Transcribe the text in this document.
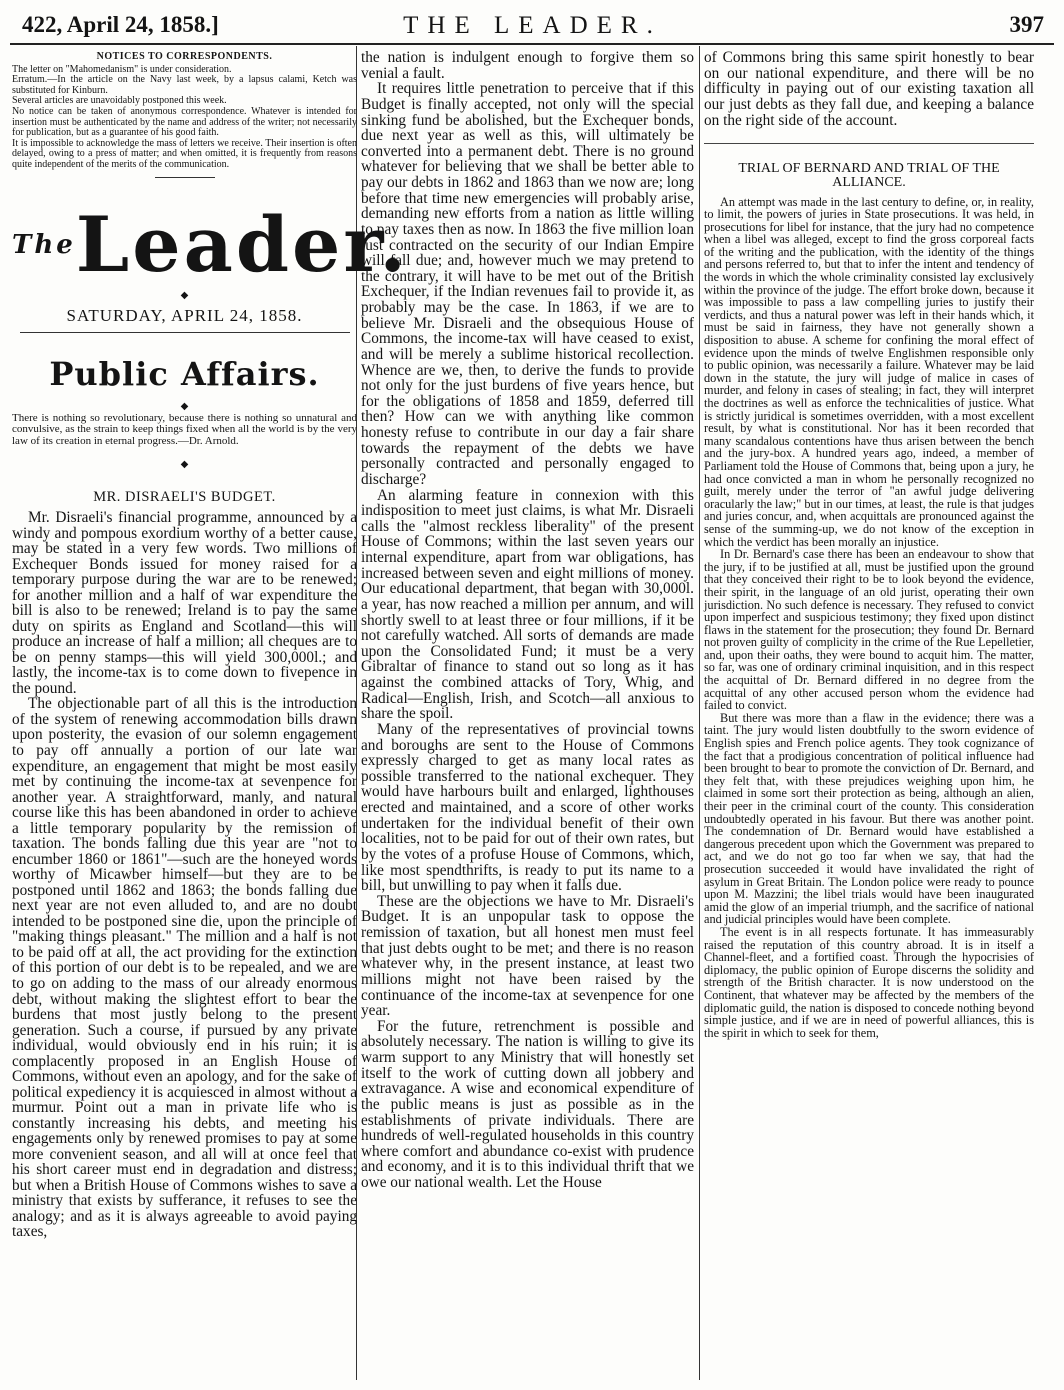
422, April 24, 1858.]	THE LEADER.	397

NOTICES TO CORRESPONDENTS.

The letter on "Mahomedanism" is under consideration.

Erratum.—In the article on the Navy last week, by a lapsus calami, Ketch was substituted for Kinburn.

Several articles are unavoidably postponed this week.

No notice can be taken of anonymous correspondence. Whatever is intended for insertion must be authenticated by the name and address of the writer; not necessarily for publication, but as a guarantee of his good faith.

It is impossible to acknowledge the mass of letters we receive. Their insertion is often delayed, owing to a press of matter; and when omitted, it is frequently from reasons quite independent of the merits of the communication.

$^{The}$Leader.
◆
SATURDAY, APRIL 24, 1858.
Public Affairs.
◆

There is nothing so revolutionary, because there is nothing so unnatural and convulsive, as the strain to keep things fixed when all the world is by the very law of its creation in eternal progress.—Dr. Arnold.

◆

MR. DISRAELI'S BUDGET.

Mr. Disraeli's financial programme, announced by a windy and pompous exordium worthy of a better cause, may be stated in a very few words. Two millions of Exchequer Bonds issued for money raised for a temporary purpose during the war are to be renewed; for another million and a half of war expenditure the bill is also to be renewed; Ireland is to pay the same duty on spirits as England and Scotland—this will produce an increase of half a million; all cheques are to be on penny stamps—this will yield 300,000l.; and lastly, the income-tax is to come down to fivepence in the pound.

The objectionable part of all this is the introduction of the system of renewing accommodation bills drawn upon posterity, the evasion of our solemn engagement to pay off annually a portion of our late war expenditure, an engagement that might be most easily met by continuing the income-tax at sevenpence for another year. A straightforward, manly, and natural course like this has been abandoned in order to achieve a little temporary popularity by the remission of taxation. The bonds falling due this year are "not to encumber 1860 or 1861"—such are the honeyed words worthy of Micawber himself—but they are to be postponed until 1862 and 1863; the bonds falling due next year are not even alluded to, and are no doubt intended to be postponed sine die, upon the principle of "making things pleasant." The million and a half is not to be paid off at all, the act providing for the extinction of this portion of our debt is to be repealed, and we are to go on adding to the mass of our already enormous debt, without making the slightest effort to bear the burdens that most justly belong to the present generation. Such a course, if pursued by any private individual, would obviously end in his ruin; it is complacently proposed in an English House of Commons, without even an apology, and for the sake of political expediency it is acquiesced in almost without a murmur. Point out a man in private life who is constantly increasing his debts, and meeting his engagements only by renewed promises to pay at some more convenient season, and all will at once feel that his short career must end in degradation and distress; but when a British House of Commons wishes to save a ministry that exists by sufferance, it refuses to see the analogy; and as it is always agreeable to avoid paying taxes,

the nation is indulgent enough to forgive them so venial a fault.

It requires little penetration to perceive that if this Budget is finally accepted, not only will the special sinking fund be abolished, but the Exchequer bonds, due next year as well as this, will ultimately be converted into a permanent debt. There is no ground whatever for believing that we shall be better able to pay our debts in 1862 and 1863 than we now are; long before that time new emergencies will probably arise, demanding new efforts from a nation as little willing to pay taxes then as now. In 1863 the five million loan just contracted on the security of our Indian Empire will fall due; and, however much we may pretend to the contrary, it will have to be met out of the British Exchequer, if the Indian revenues fail to provide it, as probably may be the case. In 1863, if we are to believe Mr. Disraeli and the obsequious House of Commons, the income-tax will have ceased to exist, and will be merely a sublime historical recollection. Whence are we, then, to derive the funds to provide not only for the just burdens of five years hence, but for the obligations of 1858 and 1859, deferred till then? How can we with anything like common honesty refuse to contribute in our day a fair share towards the repayment of the debts we have personally contracted and personally engaged to discharge?

An alarming feature in connexion with this indisposition to meet just claims, is what Mr. Disraeli calls the "almost reckless liberality" of the present House of Commons; within the last seven years our internal expenditure, apart from war obligations, has increased between seven and eight millions of money. Our educational department, that began with 30,000l. a year, has now reached a million per annum, and will shortly swell to at least three or four millions, if it be not carefully watched. All sorts of demands are made upon the Consolidated Fund; it must be a very Gibraltar of finance to stand out so long as it has against the combined attacks of Tory, Whig, and Radical—English, Irish, and Scotch—all anxious to share the spoil.

Many of the representatives of provincial towns and boroughs are sent to the House of Commons expressly charged to get as many local rates as possible transferred to the national exchequer. They would have harbours built and enlarged, lighthouses erected and maintained, and a score of other works undertaken for the individual benefit of their own localities, not to be paid for out of their own rates, but by the votes of a profuse House of Commons, which, like most spendthrifts, is ready to put its name to a bill, but unwilling to pay when it falls due.

These are the objections we have to Mr. Disraeli's Budget. It is an unpopular task to oppose the remission of taxation, but all honest men must feel that just debts ought to be met; and there is no reason whatever why, in the present instance, at least two millions might not have been raised by the continuance of the income-tax at sevenpence for one year.

For the future, retrenchment is possible and absolutely necessary. The nation is willing to give its warm support to any Ministry that will honestly set itself to the work of cutting down all jobbery and extravagance. A wise and economical expenditure of the public means is just as possible as in the establishments of private individuals. There are hundreds of well-regulated households in this country where comfort and abundance co-exist with prudence and economy, and it is to this individual thrift that we owe our national wealth. Let the House

of Commons bring this same spirit honestly to bear on our national expenditure, and there will be no difficulty in paying out of our existing taxation all our just debts as they fall due, and keeping a balance on the right side of the account.

TRIAL OF BERNARD AND TRIAL OF THE ALLIANCE.

An attempt was made in the last century to define, or, in reality, to limit, the powers of juries in State prosecutions. It was held, in prosecutions for libel for instance, that the jury had no competence when a libel was alleged, except to find the gross corporeal facts of the writing and the publication, with the identity of the things and persons referred to, but that to infer the intent and tendency of the words in which the whole criminality consisted lay exclusively within the province of the judge. The effort broke down, because it was impossible to pass a law compelling juries to justify their verdicts, and thus a natural power was left in their hands which, it must be said in fairness, they have not generally shown a disposition to abuse. A scheme for confining the moral effect of evidence upon the minds of twelve Englishmen responsible only to public opinion, was necessarily a failure. Whatever may be laid down in the statute, the jury will judge of malice in cases of murder, and felony in cases of stealing; in fact, they will interpret the doctrines as well as enforce the technicalities of justice. What is strictly juridical is sometimes overridden, with a most excellent result, by what is constitutional. Nor has it been recorded that many scandalous contentions have thus arisen between the bench and the jury-box. A hundred years ago, indeed, a member of Parliament told the House of Commons that, being upon a jury, he had once convicted a man in whom he personally recognized no guilt, merely under the terror of "an awful judge delivering oracularly the law;" but in our times, at least, the rule is that judges and juries concur, and, when acquittals are pronounced against the sense of the summing-up, we do not know of the exception in which the verdict has been morally an injustice.

In Dr. Bernard's case there has been an endeavour to show that the jury, if to be justified at all, must be justified upon the ground that they conceived their right to be to look beyond the evidence, their spirit, in the language of an old jurist, operating their own jurisdiction. No such defence is necessary. They refused to convict upon imperfect and suspicious testimony; they fixed upon distinct flaws in the statement for the prosecution; they found Dr. Bernard not proven guilty of complicity in the crime of the Rue Lepelletier, and, upon their oaths, they were bound to acquit him. The matter, so far, was one of ordinary criminal inquisition, and in this respect the acquittal of Dr. Bernard differed in no degree from the acquittal of any other accused person whom the evidence had failed to convict.

But there was more than a flaw in the evidence; there was a taint. The jury would listen doubtfully to the sworn evidence of English spies and French police agents. They took cognizance of the fact that a prodigious concentration of political influence had been brought to bear to promote the conviction of Dr. Bernard, and they felt that, with these prejudices weighing upon him, he claimed in some sort their protection as being, although an alien, their peer in the criminal court of the county. This consideration undoubtedly operated in his favour. But there was another point. The condemnation of Dr. Bernard would have established a dangerous precedent upon which the Government was prepared to act, and we do not go too far when we say, that had the prosecution succeeded it would have invalidated the right of asylum in Great Britain. The London police were ready to pounce upon M. Mazzini; the libel trials would have been inaugurated amid the glow of an imperial triumph, and the sacrifice of national and judicial principles would have been complete.

The event is in all respects fortunate. It has immeasurably raised the reputation of this country abroad. It is in itself a Channel-fleet, and a fortified coast. Through the hypocrisies of diplomacy, the public opinion of Europe discerns the solidity and strength of the British character. It is now understood on the Continent, that whatever may be affected by the members of the diplomatic guild, the nation is disposed to concede nothing beyond simple justice, and if we are in need of powerful alliances, this is the spirit in which to seek for them,
